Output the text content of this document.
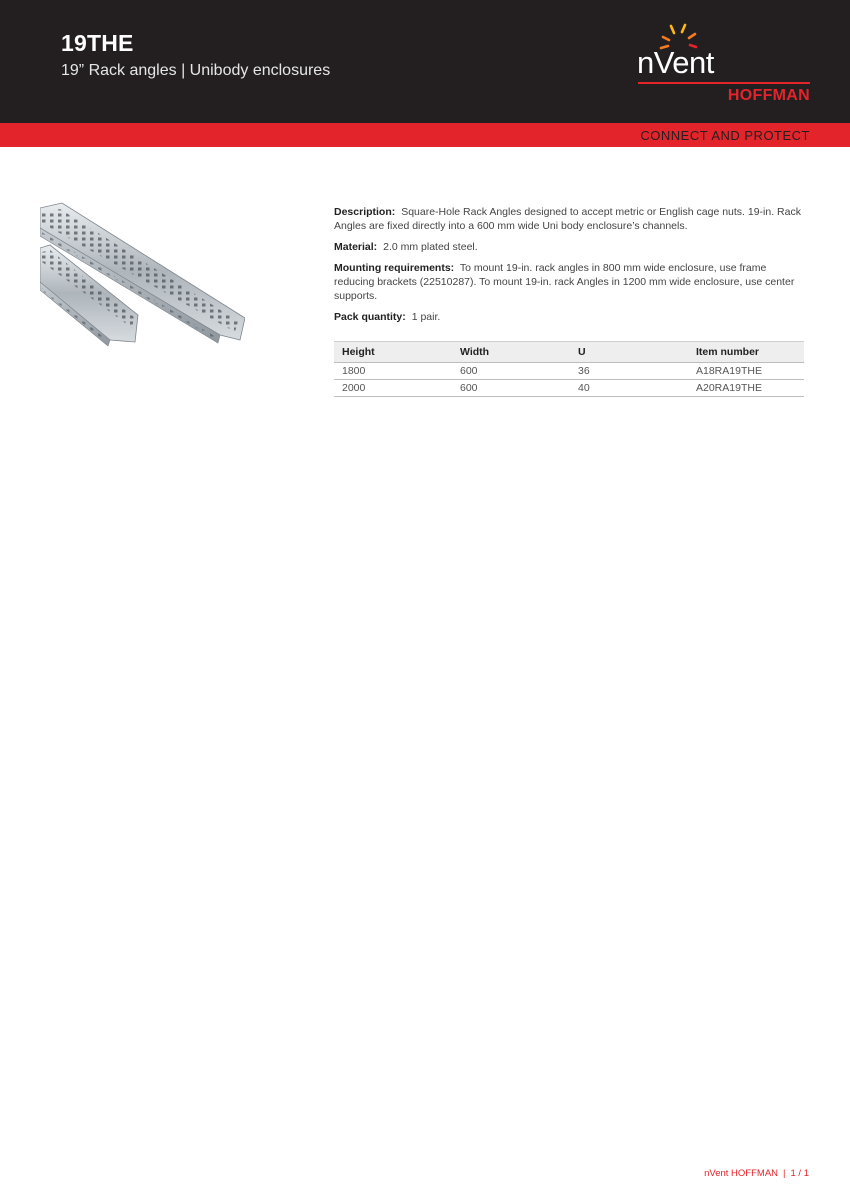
19THE
19” Rack angles | Unibody enclosures	nVent
HOFFMAN
CONNECT AND PROTECT

Description: Square-Hole Rack Angles designed to accept metric or English cage nuts. 19-in. Rack Angles are fixed directly into a 600 mm wide Uni body enclosure’s channels.

Material: 2.0 mm plated steel.

Mounting requirements: To mount 19-in. rack angles in 800 mm wide enclosure, use frame reducing brackets (22510287). To mount 19-in. rack Angles in 1200 mm wide enclosure, use center supports.

Pack quantity: 1 pair.

Height	Width	U	Item number
1800	600	36	A18RA19THE
2000	600	40	A20RA19THE
nVent HOFFMAN | 1 / 1
